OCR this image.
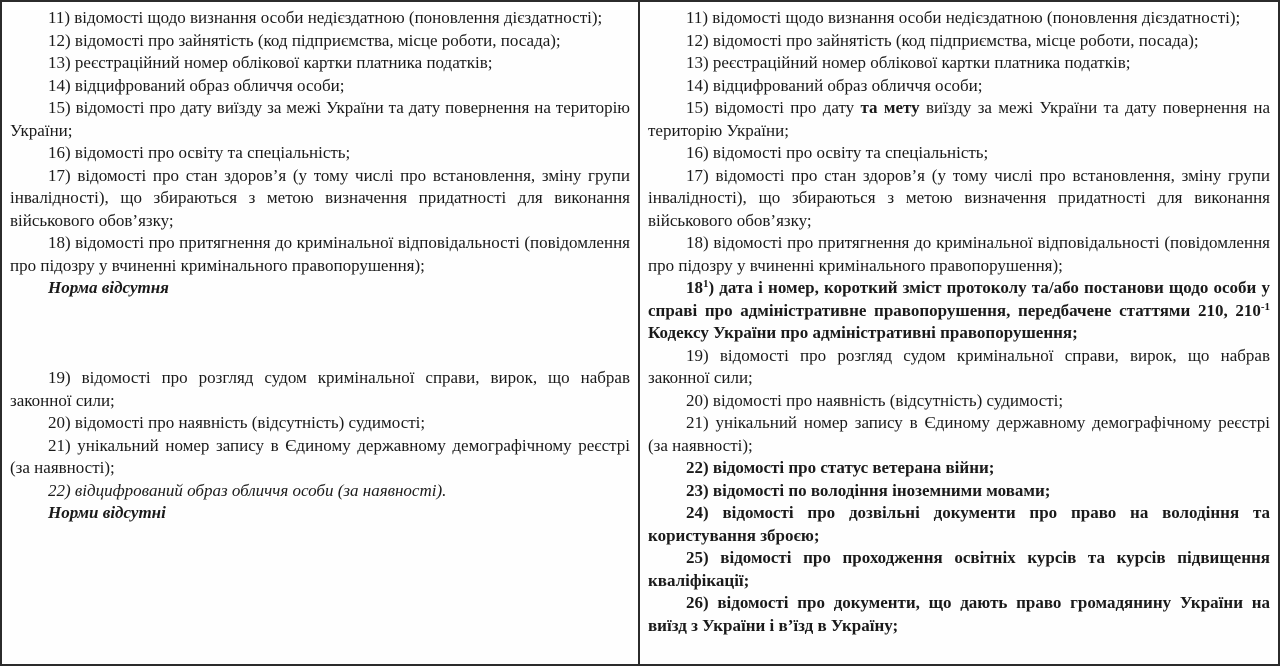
11) відомості щодо визнання особи недієздатною (поновлення дієздатності);

12) відомості про зайнятість (код підприємства, місце роботи, посада);

13) реєстраційний номер облікової картки платника податків;

14) відцифрований образ обличчя особи;

15) відомості про дату виїзду за межі України та дату повернення на територію України;

16) відомості про освіту та спеціальність;

17) відомості про стан здоров’я (у тому числі про встановлення, зміну групи інвалідності), що збираються з метою визначення придатності для виконання військового обов’язку;

18) відомості про притягнення до кримінальної відповідальності (повідомлення про підозру у вчиненні кримінального правопорушення);

Норма відсутня

19) відомості про розгляд судом кримінальної справи, вирок, що набрав законної сили;

20) відомості про наявність (відсутність) судимості;

21) унікальний номер запису в Єдиному державному демографічному реєстрі (за наявності);

22) відцифрований образ обличчя особи (за наявності).

Норми відсутні

11) відомості щодо визнання особи недієздатною (поновлення дієздатності);

12) відомості про зайнятість (код підприємства, місце роботи, посада);

13) реєстраційний номер облікової картки платника податків;

14) відцифрований образ обличчя особи;

15) відомості про дату та мету виїзду за межі України та дату повернення на територію України;

16) відомості про освіту та спеціальність;

17) відомості про стан здоров’я (у тому числі про встановлення, зміну групи інвалідності), що збираються з метою визначення придатності для виконання військового обов’язку;

18) відомості про притягнення до кримінальної відповідальності (повідомлення про підозру у вчиненні кримінального правопорушення);

$18^1$) дата і номер, короткий зміст протоколу та/або постанови щодо особи у справі про адміністративне правопорушення, передбачене статтями 210, $210^{-1}$ Кодексу України про адміністративні правопорушення;

19) відомості про розгляд судом кримінальної справи, вирок, що набрав законної сили;

20) відомості про наявність (відсутність) судимості;

21) унікальний номер запису в Єдиному державному демографічному реєстрі (за наявності);

22) відомості про статус ветерана війни;

23) відомості по володіння іноземними мовами;

24) відомості про дозвільні документи про право на володіння та користування зброєю;

25) відомості про проходження освітніх курсів та курсів підвищення кваліфікації;

26) відомості про документи, що дають право громадянину України на виїзд з України і в’їзд в Україну;
